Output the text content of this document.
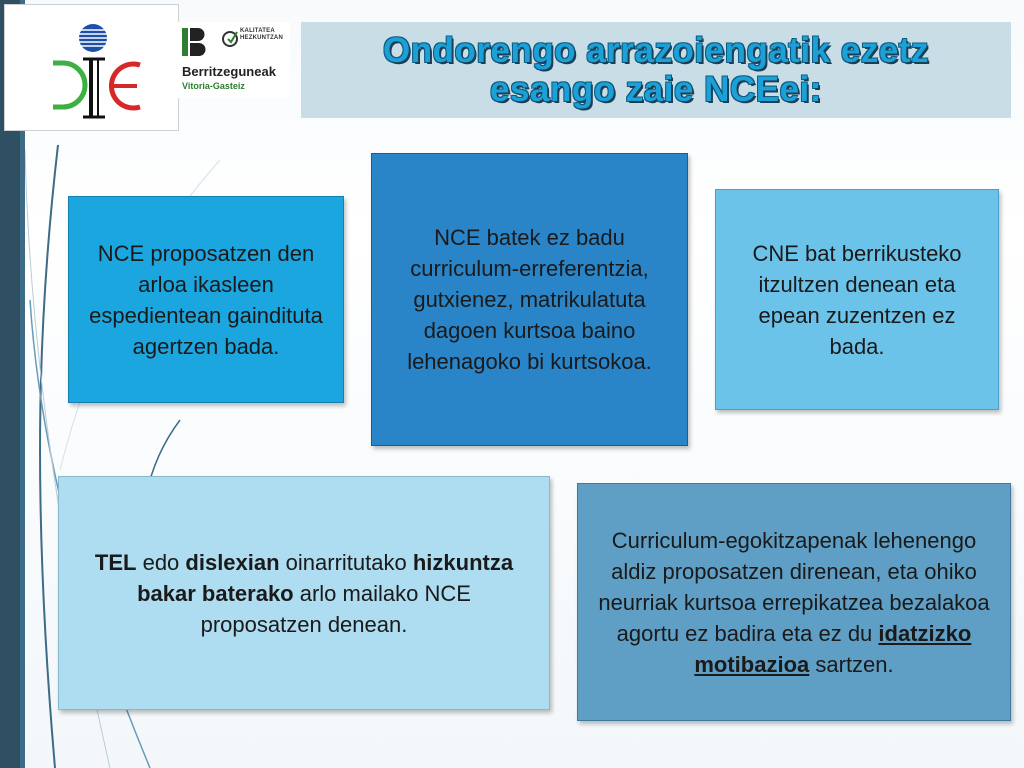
KALITATEA
HEZKUNTZAN
Berritzeguneak
Vitoria-Gasteiz
Ondorengo arrazoiengatik ezetz
esango zaie NCEei:
NCE proposatzen den arloa ikasleen espedientean gaindituta agertzen bada.
NCE batek ez badu curriculum-erreferentzia, gutxienez, matrikulatuta dagoen kurtsoa baino lehenagoko bi kurtsokoa.
CNE bat berrikusteko itzultzen denean eta epean zuzentzen ez bada.
TEL edo dislexian oinarritutako hizkuntza bakar baterako arlo mailako NCE proposatzen denean.
Curriculum-egokitzapenak lehenengo aldiz proposatzen direnean, eta ohiko neurriak kurtsoa errepikatzea bezalakoa agortu ez badira eta ez du idatzizko motibazioa sartzen.
